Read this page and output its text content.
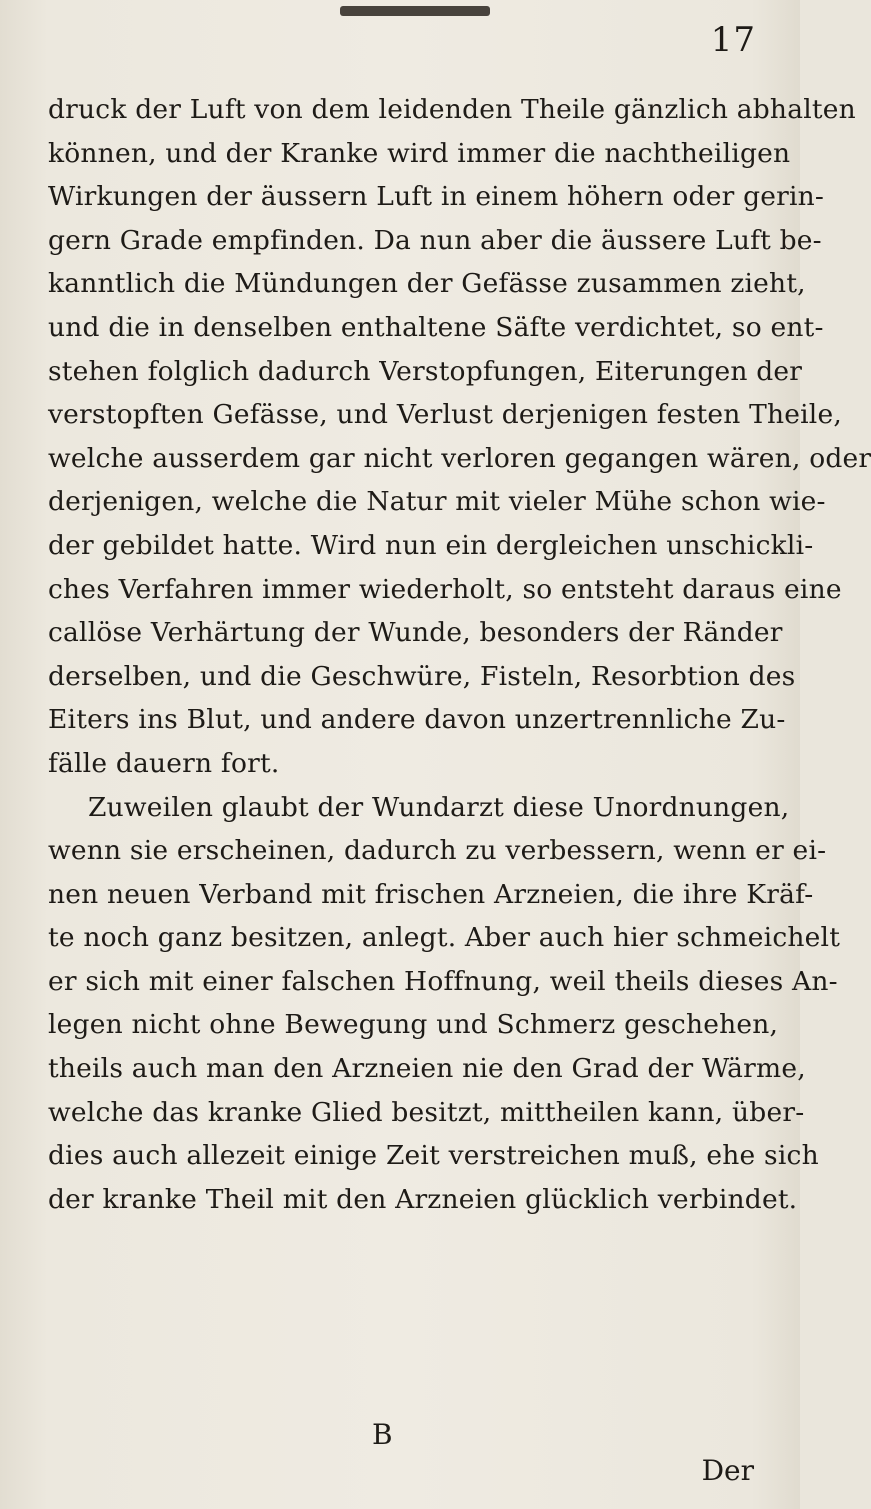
17
druck der Luft von dem leidenden Theile gänzlich abhalten
können, und der Kranke wird immer die nachtheiligen
Wirkungen der äussern Luft in einem höhern oder gerin-
gern Grade empfinden. Da nun aber die äussere Luft be-
kanntlich die Mündungen der Gefässe zusammen zieht,
und die in denselben enthaltene Säfte verdichtet, so ent-
stehen folglich dadurch Verstopfungen, Eiterungen der
verstopften Gefässe, und Verlust derjenigen festen Theile,
welche ausserdem gar nicht verloren gegangen wären, oder
derjenigen, welche die Natur mit vieler Mühe schon wie-
der gebildet hatte. Wird nun ein dergleichen unschickli-
ches Verfahren immer wiederholt, so entsteht daraus eine
callöse Verhärtung der Wunde, besonders der Ränder
derselben, und die Geschwüre, Fisteln, Resorbtion des
Eiters ins Blut, und andere davon unzertrennliche Zu-
fälle dauern fort.
Zuweilen glaubt der Wundarzt diese Unordnungen,
wenn sie erscheinen, dadurch zu verbessern, wenn er ei-
nen neuen Verband mit frischen Arzneien, die ihre Kräf-
te noch ganz besitzen, anlegt. Aber auch hier schmeichelt
er sich mit einer falschen Hoffnung, weil theils dieses An-
legen nicht ohne Bewegung und Schmerz geschehen,
theils auch man den Arzneien nie den Grad der Wärme,
welche das kranke Glied besitzt, mittheilen kann, über-
dies auch allezeit einige Zeit verstreichen muß, ehe sich
der kranke Theil mit den Arzneien glücklich verbindet.
B
Der
